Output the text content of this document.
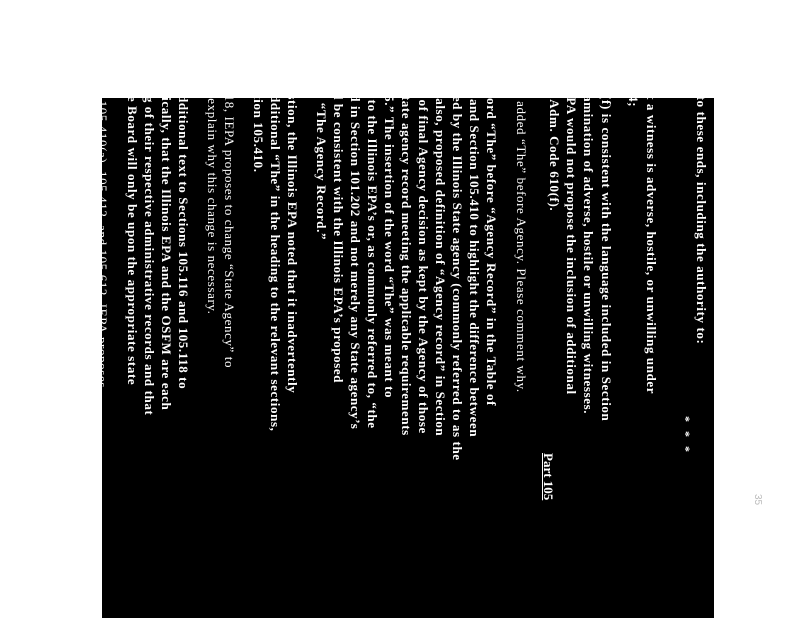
* * *
Part 105
, to these ends, including the authority to:
at a witness is adverse, hostile, or unwilling under
24;
0(f) is consistent with the language included in Section
xamination of adverse, hostile or unwilling witnesses.
EPA would not propose the inclusion of additional
l. Adm. Code 610(f).
A added “The” before Agency. Please comment why.
word “The” before “Agency Record” in the Table of
2 and Section 105.410 to highlight the difference between
ned by the Illinois State agency (commonly referred to as the
e also, proposed definition of “Agency record” in Section
d of final Agency decision as kept by the Agency of those
State agency record meeting the applicable requirements
05.” The insertion of the word “The” was meant to
d to the Illinois EPA’s or, as commonly referred to, “the
ed in Section 101.202 and not merely any State agency’s
ld be consistent with the Illinois EPA’s proposed
4, “The Agency Record.”
estion, the Illinois EPA noted that it inadvertently
additional “The” in the heading to the relevant sections,
ction 105.410.
118, IEPA proposes to change “State Agency” to
e explain why this change is necessary.
additional text to Sections 105.116 and 105.118 to
ifically, that the Illinois EPA and the OSFM are each
ng of their respective administrative records and that
he Board will only be upon the appropriate state
), 105.410(a), 105.412, and 105.612, IEPA proposes
rd. A similar change is proposed in Section 105.508(b),
ore record. Please comment why IEPA proposes these
35
